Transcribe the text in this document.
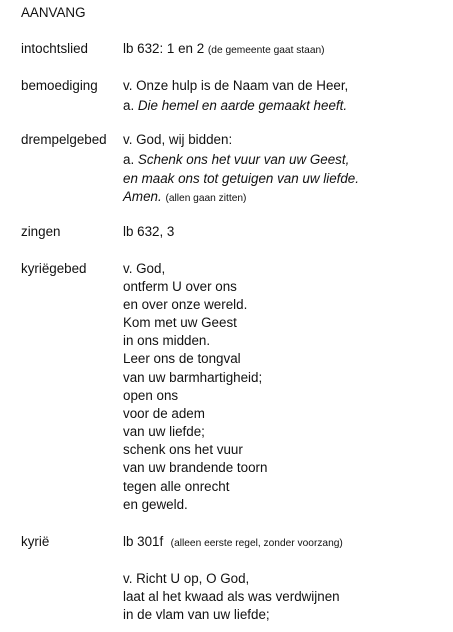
AANVANG
intochtslied	lb 632: 1 en 2 (de gemeente gaat staan)
bemoediging v. Onze hulp is de Naam van de Heer,
a. Die hemel en aarde gemaakt heeft.
drempelgebed v. God, wij bidden:
a. Schenk ons het vuur van uw Geest,
en maak ons tot getuigen van uw liefde.
Amen. (allen gaan zitten)
zingen	lb 632, 3
kyriëgebed	v. God,
ontferm U over ons
en over onze wereld.
Kom met uw Geest
in ons midden.
Leer ons de tongval
van uw barmhartigheid;
open ons
voor de adem
van uw liefde;
schenk ons het vuur
van uw brandende toorn
tegen alle onrecht
en geweld.
kyrië	lb 301f (alleen eerste regel, zonder voorzang)
v. Richt U op, O God,
laat al het kwaad als was verdwijnen
in de vlam van uw liefde;
